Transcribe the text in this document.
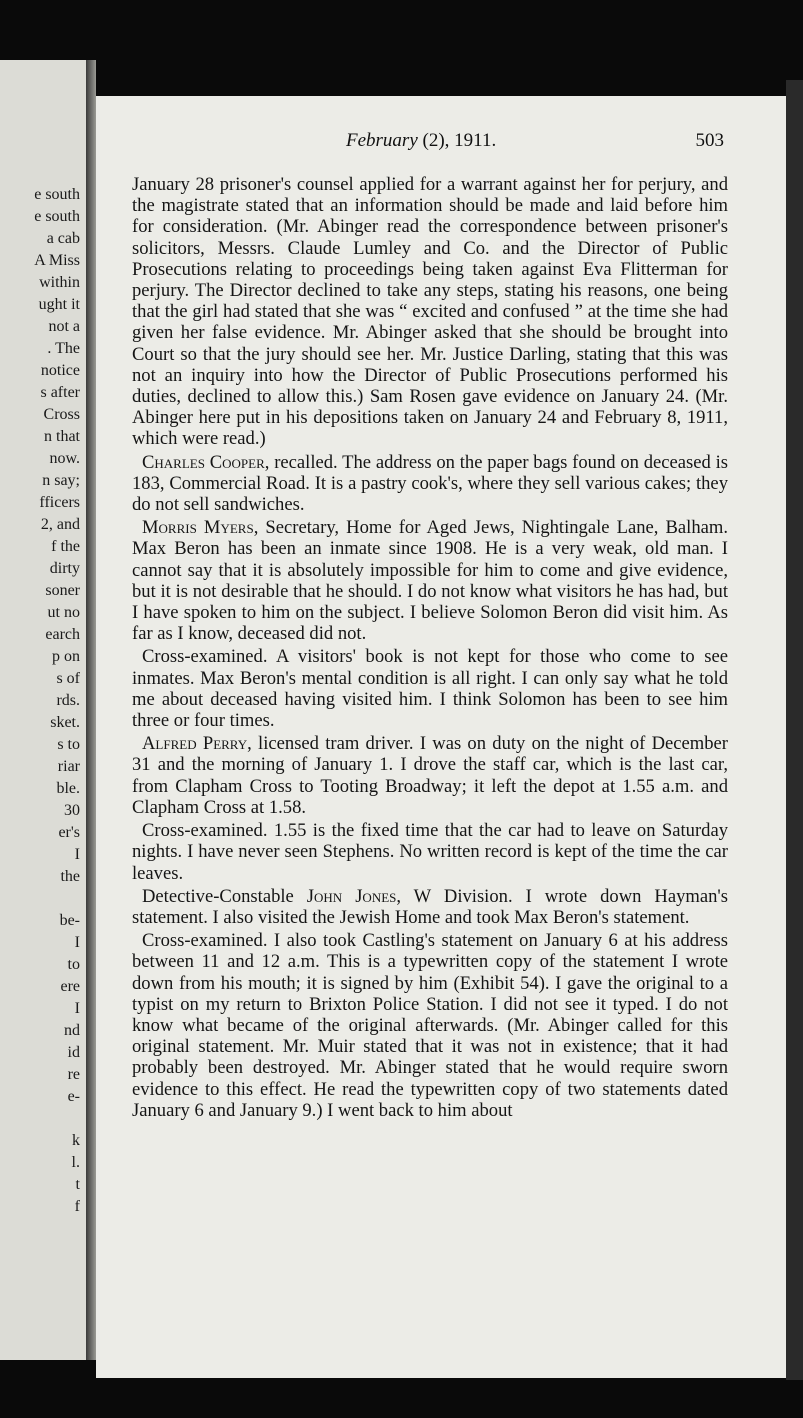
e south
e south
a cab
A Miss
within
ught it
not a
. The
notice
s after
Cross
n that
now.
n say;
fficers
2, and
f the
dirty
soner
ut no
earch
p on
s of
rds.
sket.
s to
riar
ble.
30
er's
I
the
be-
I
to
ere
I
nd
id
re
e-
k
l.
t
f
February (2), 1911.	503

January 28 prisoner's counsel applied for a warrant against her for perjury, and the magistrate stated that an information should be made and laid before him for consideration. (Mr. Abinger read the correspondence between prisoner's solicitors, Messrs. Claude Lumley and Co. and the Director of Public Prosecutions relating to proceedings being taken against Eva Flitterman for perjury. The Director declined to take any steps, stating his reasons, one being that the girl had stated that she was “ excited and confused ” at the time she had given her false evidence. Mr. Abinger asked that she should be brought into Court so that the jury should see her. Mr. Justice Darling, stating that this was not an inquiry into how the Director of Public Prosecutions performed his duties, declined to allow this.) Sam Rosen gave evidence on January 24. (Mr. Abinger here put in his depositions taken on January 24 and February 8, 1911, which were read.)

Charles Cooper, recalled. The address on the paper bags found on deceased is 183, Commercial Road. It is a pastry cook's, where they sell various cakes; they do not sell sandwiches.

Morris Myers, Secretary, Home for Aged Jews, Nightingale Lane, Balham. Max Beron has been an inmate since 1908. He is a very weak, old man. I cannot say that it is absolutely impossible for him to come and give evidence, but it is not desirable that he should. I do not know what visitors he has had, but I have spoken to him on the subject. I believe Solomon Beron did visit him. As far as I know, deceased did not.

Cross-examined. A visitors' book is not kept for those who come to see inmates. Max Beron's mental condition is all right. I can only say what he told me about deceased having visited him. I think Solomon has been to see him three or four times.

Alfred Perry, licensed tram driver. I was on duty on the night of December 31 and the morning of January 1. I drove the staff car, which is the last car, from Clapham Cross to Tooting Broadway; it left the depot at 1.55 a.m. and Clapham Cross at 1.58.

Cross-examined. 1.55 is the fixed time that the car had to leave on Saturday nights. I have never seen Stephens. No written record is kept of the time the car leaves.

Detective-Constable John Jones, W Division. I wrote down Hayman's statement. I also visited the Jewish Home and took Max Beron's statement.

Cross-examined. I also took Castling's statement on January 6 at his address between 11 and 12 a.m. This is a typewritten copy of the statement I wrote down from his mouth; it is signed by him (Exhibit 54). I gave the original to a typist on my return to Brixton Police Station. I did not see it typed. I do not know what became of the original afterwards. (Mr. Abinger called for this original statement. Mr. Muir stated that it was not in existence; that it had probably been destroyed. Mr. Abinger stated that he would require sworn evidence to this effect. He read the typewritten copy of two statements dated January 6 and January 9.) I went back to him about
